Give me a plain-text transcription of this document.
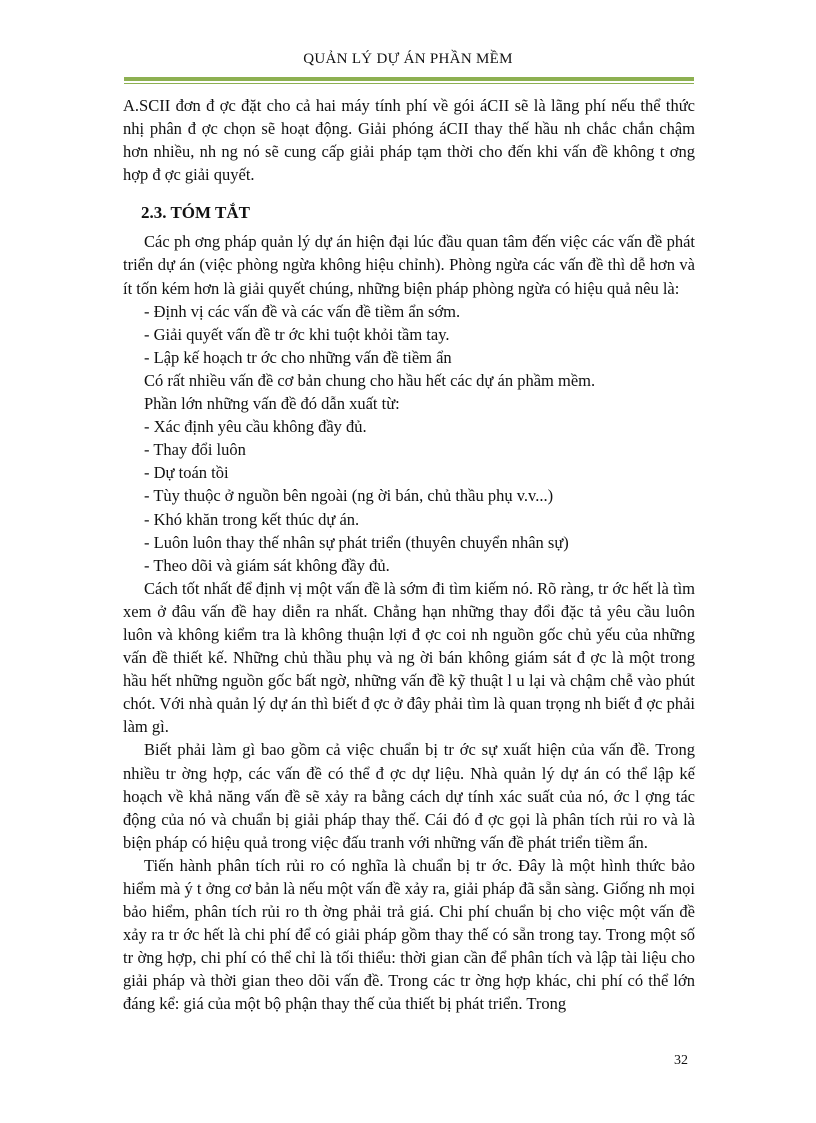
QUẢN LÝ DỰ ÁN PHẦN MỀM

A.SCII đơn đ ợc đặt cho cả hai máy tính phí về gói áCII sẽ là lãng phí nếu thể thức nhị phân đ ợc chọn sẽ hoạt động. Giải phóng áCII thay thế hầu nh chắc chắn chậm hơn nhiều, nh ng nó sẽ cung cấp giải pháp tạm thời cho đến khi vấn đề không t ơng hợp đ ợc giải quyết.

2.3. TÓM TẮT

Các ph ơng pháp quản lý dự án hiện đại lúc đầu quan tâm đến việc các vấn đề phát triển dự án (việc phòng ngừa không hiệu chỉnh). Phòng ngừa các vấn đề thì dễ hơn và ít tốn kém hơn là giải quyết chúng, những biện pháp phòng ngừa có hiệu quả nêu là:

- Định vị các vấn đề và các vấn đề tiềm ẩn sớm.

- Giải quyết vấn đề tr ớc khi tuột khỏi tầm tay.

- Lập kế hoạch tr ớc cho những vấn đề tiềm ẩn

Có rất nhiều vấn đề cơ bản chung cho hầu hết các dự án phầm mềm.

Phần lớn những vấn đề đó dẫn xuất từ:

- Xác định yêu cầu không đầy đủ.

- Thay đổi luôn

- Dự toán tồi

- Tùy thuộc ở nguồn bên ngoài (ng ời bán, chủ thầu phụ v.v...)

- Khó khăn trong kết thúc dự án.

- Luôn luôn thay thế nhân sự phát triển (thuyên chuyển nhân sự)

- Theo dõi và giám sát không đầy đủ.

Cách tốt nhất để định vị một vấn đề là sớm đi tìm kiếm nó. Rõ ràng, tr ớc hết là tìm xem ở đâu vấn đề hay diễn ra nhất. Chẳng hạn những thay đổi đặc tả yêu cầu luôn luôn và không kiểm tra là không thuận lợi đ ợc coi nh nguồn gốc chủ yếu của những vấn đề thiết kế. Những chủ thầu phụ và ng ời bán không giám sát đ ợc là một trong hầu hết những nguồn gốc bất ngờ, những vấn đề kỹ thuật l u lại và chậm chễ vào phút chót. Với nhà quản lý dự án thì biết đ ợc ở đây phải tìm là quan trọng nh biết đ ợc phải làm gì.

Biết phải làm gì bao gồm cả việc chuẩn bị tr ớc sự xuất hiện của vấn đề. Trong nhiều tr ờng hợp, các vấn đề có thể đ ợc dự liệu. Nhà quản lý dự án có thể lập kế hoạch về khả năng vấn đề sẽ xảy ra bằng cách dự tính xác suất của nó, ớc l ợng tác động của nó và chuẩn bị giải pháp thay thế. Cái đó đ ợc gọi là phân tích rủi ro và là biện pháp có hiệu quả trong việc đấu tranh với những vấn đề phát triển tiềm ẩn.

Tiến hành phân tích rủi ro có nghĩa là chuẩn bị tr ớc. Đây là một hình thức bảo hiểm mà ý t ởng cơ bản là nếu một vấn đề xảy ra, giải pháp đã sẵn sàng. Giống nh mọi bảo hiểm, phân tích rủi ro th ờng phải trả giá. Chi phí chuẩn bị cho việc một vấn đề xảy ra tr ớc hết là chi phí để có giải pháp gồm thay thế có sẵn trong tay. Trong một số tr ờng hợp, chi phí có thể chỉ là tối thiểu: thời gian cần để phân tích và lập tài liệu cho giải pháp và thời gian theo dõi vấn đề. Trong các tr ờng hợp khác, chi phí có thể lớn đáng kể: giá của một bộ phận thay thế của thiết bị phát triển. Trong

32
